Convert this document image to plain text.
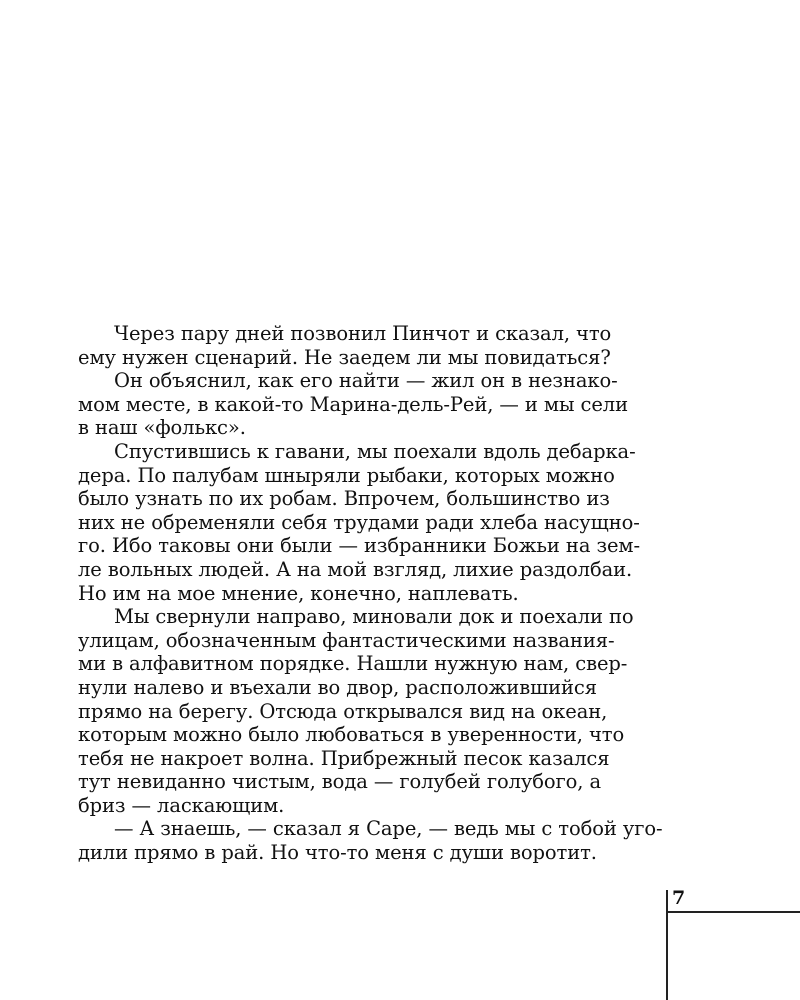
Через пару дней позвонил Пинчот и сказал, что
ему нужен сценарий. Не заедем ли мы повидаться?
Он объяснил, как его найти — жил он в незнако-
мом месте, в какой-то Марина-дель-Рей, — и мы сели
в наш «фолькс».
Спустившись к гавани, мы поехали вдоль дебарка-
дера. По палубам шныряли рыбаки, которых можно
было узнать по их робам. Впрочем, большинство из
них не обременяли себя трудами ради хлеба насущно-
го. Ибо таковы они были — избранники Божьи на зем-
ле вольных людей. А на мой взгляд, лихие раздолбаи.
Но им на мое мнение, конечно, наплевать.
Мы свернули направо, миновали док и поехали по
улицам, обозначенным фантастическими названия-
ми в алфавитном порядке. Нашли нужную нам, свер-
нули налево и въехали во двор, расположившийся
прямо на берегу. Отсюда открывался вид на океан,
которым можно было любоваться в уверенности, что
тебя не накроет волна. Прибрежный песок казался
тут невиданно чистым, вода — голубей голубого, а
бриз — ласкающим.
— А знаешь, — сказал я Саре, — ведь мы с тобой уго-
дили прямо в рай. Но что-то меня с души воротит.
7
